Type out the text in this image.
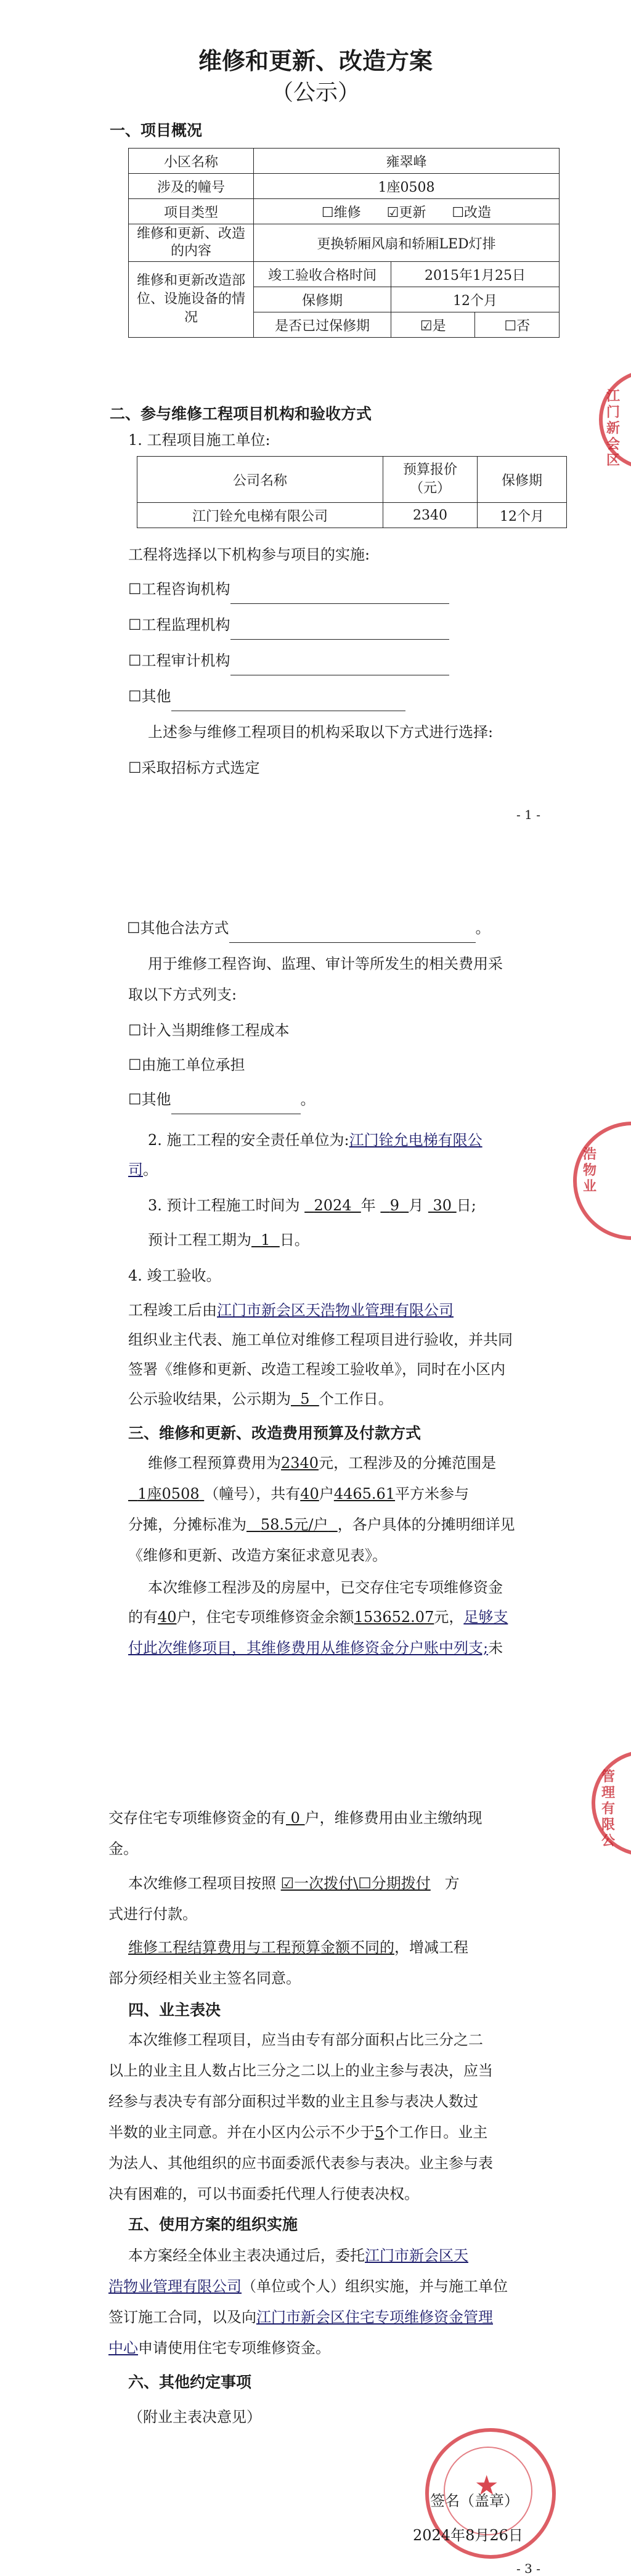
维修和更新、改造方案
（公示）
一、项目概况
小区名称	雍翠峰		
涉及的幢号	1座0508		
项目类型	☐维修 ☑更新 ☐改造		
维修和更新、改造的内容	更换轿厢风扇和轿厢LED灯排		
维修和更新改造部位、设施设备的情况	竣工验收合格时间	2015年1月25日	
	保修期	12个月	
	是否已过保修期	☑是	☐否
二、参与维修工程项目机构和验收方式
1. 工程项目施工单位:
公司名称	预算报价
（元）	保修期
江门铨允电梯有限公司	2340	12个月
工程将选择以下机构参与项目的实施:
☐工程咨询机构
☐工程监理机构
☐工程审计机构
☐其他
上述参与维修工程项目的机构采取以下方式进行选择:
☐采取招标方式选定
- 1 -
江门新会区
☐其他合法方式	。
用于维修工程咨询、监理、审计等所发生的相关费用采
取以下方式列支:
☐计入当期维修工程成本
☐由施工单位承担
☐其他	。
2. 施工工程的安全责任单位为:江门铨允电梯有限公
司。
3. 预计工程施工时间为 2024 年 9 月 30 日;
预计工程工期为 1 日。
4. 竣工验收。
工程竣工后由江门市新会区天浩物业管理有限公司
组织业主代表、施工单位对维修工程项目进行验收，并共同
签署《维修和更新、改造工程竣工验收单》，同时在小区内
公示验收结果，公示期为 5 个工作日。
三、维修和更新、改造费用预算及付款方式
维修工程预算费用为2340元，工程涉及的分摊范围是
1座0508 （幢号），共有40户4465.61平方米参与
分摊，分摊标准为 58.5元/户 ，各户具体的分摊明细详见
《维修和更新、改造方案征求意见表》。
本次维修工程涉及的房屋中，已交存住宅专项维修资金
的有40户，住宅专项维修资金余额153652.07元，足够支
付此次维修项目，其维修费用从维修资金分户账中列支;未
浩物业
交存住宅专项维修资金的有 0 户，维修费用由业主缴纳现
金。
本次维修工程项目按照 ☑一次拨付\☐分期拨付 方
式进行付款。
维修工程结算费用与工程预算金额不同的，增减工程
部分须经相关业主签名同意。
四、业主表决
本次维修工程项目，应当由专有部分面积占比三分之二
以上的业主且人数占比三分之二以上的业主参与表决，应当
经参与表决专有部分面积过半数的业主且参与表决人数过
半数的业主同意。并在小区内公示不少于5个工作日。业主
为法人、其他组织的应书面委派代表参与表决。业主参与表
决有困难的，可以书面委托代理人行使表决权。
五、使用方案的组织实施
本方案经全体业主表决通过后，委托江门市新会区天
浩物业管理有限公司（单位或个人）组织实施，并与施工单位
签订施工合同，以及向江门市新会区住宅专项维修资金管理
中心申请使用住宅专项维修资金。
六、其他约定事项
（附业主表决意见）
★
签名（盖章）
2024年8月26日
- 3 -
管理有限公
